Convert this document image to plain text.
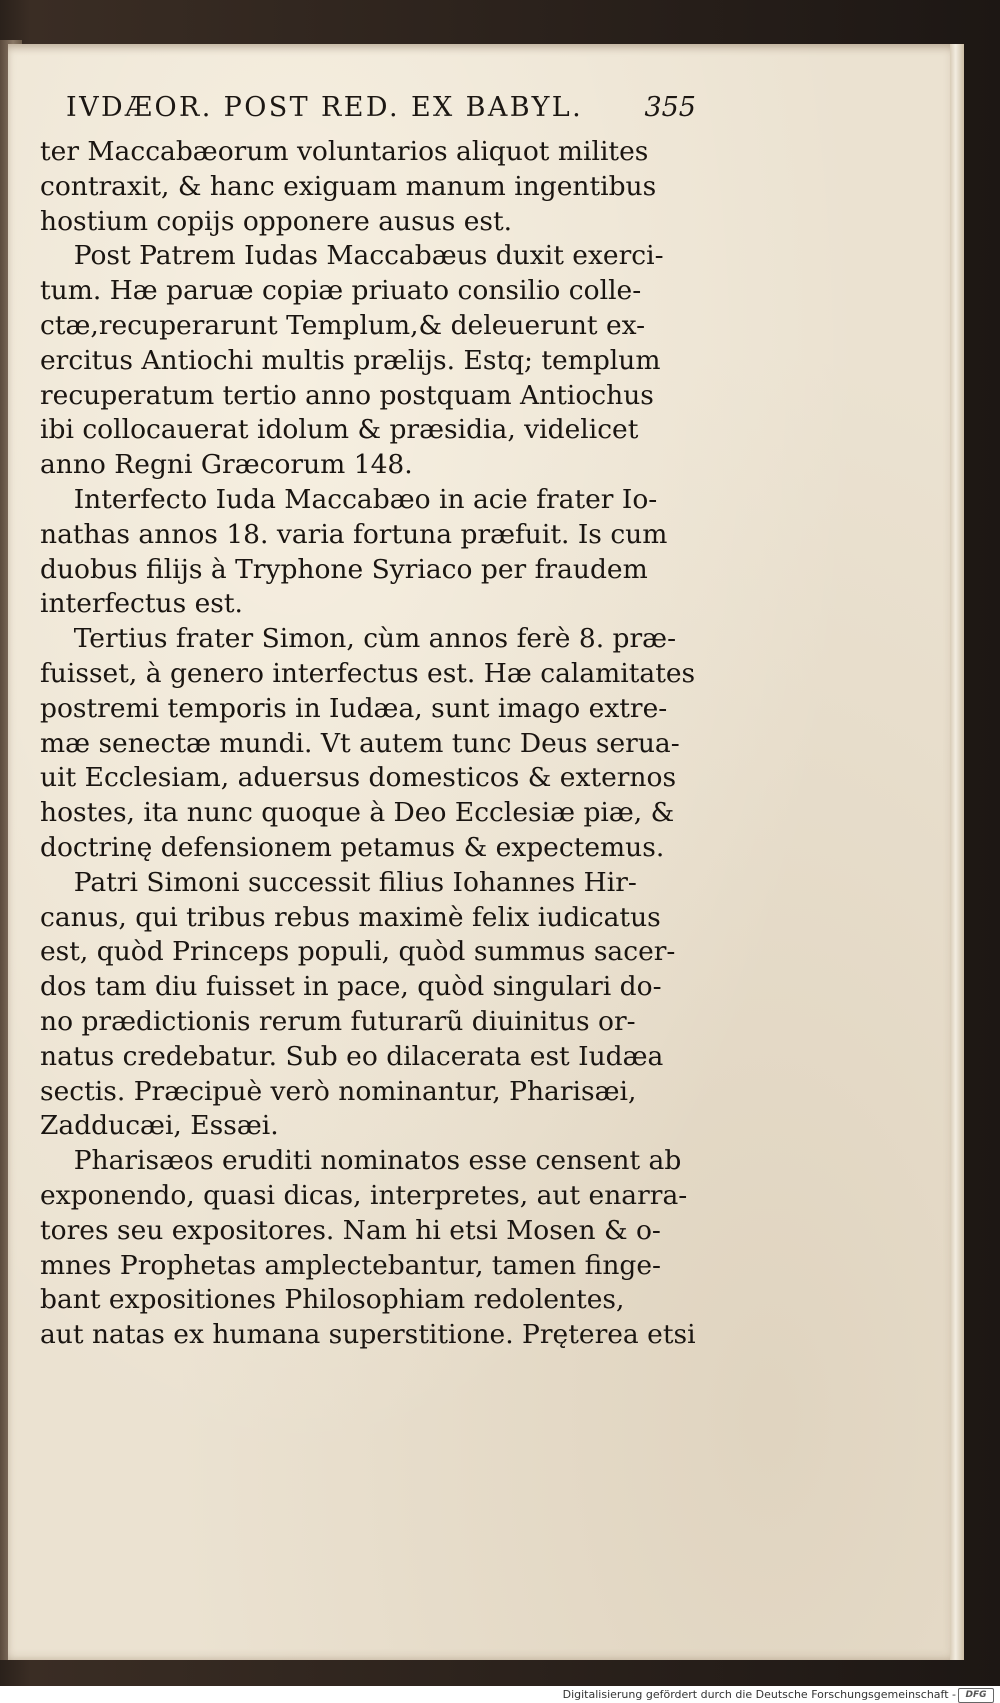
IVDÆOR. POST RED. EX BABYL. 355
ter Maccabæorum voluntarios aliquot milites
contraxit, & hanc exiguam manum ingentibus
hostium copijs opponere ausus est.
Post Patrem Iudas Maccabæus duxit exerci-
tum. Hæ paruæ copiæ priuato consilio colle-
ctæ,recuperarunt Templum,& deleuerunt ex-
ercitus Antiochi multis prælijs. Estq; templum
recuperatum tertio anno postquam Antiochus
ibi collocauerat idolum & præsidia, videlicet
anno Regni Græcorum 148.
Interfecto Iuda Maccabæo in acie frater Io-
nathas annos 18. varia fortuna præfuit. Is cum
duobus filijs à Tryphone Syriaco per fraudem
interfectus est.
Tertius frater Simon, cùm annos ferè 8. præ-
fuisset, à genero interfectus est. Hæ calamitates
postremi temporis in Iudæa, sunt imago extre-
mæ senectæ mundi. Vt autem tunc Deus serua-
uit Ecclesiam, aduersus domesticos & externos
hostes, ita nunc quoque à Deo Ecclesiæ piæ, &
doctrinę defensionem petamus & expectemus.
Patri Simoni successit filius Iohannes Hir-
canus, qui tribus rebus maximè felix iudicatus
est, quòd Princeps populi, quòd summus sacer-
dos tam diu fuisset in pace, quòd singulari do-
no prædictionis rerum futurarũ diuinitus or-
natus credebatur. Sub eo dilacerata est Iudæa
sectis. Præcipuè verò nominantur, Pharisæi,
Zadducæi, Essæi.
Pharisæos eruditi nominatos esse censent ab
exponendo, quasi dicas, interpretes, aut enarra-
tores seu expositores. Nam hi etsi Mosen & o-
mnes Prophetas amplectebantur, tamen finge-
bant expositiones Philosophiam redolentes,
aut natas ex humana superstitione. Pręterea etsi
Digitalisierung gefördert durch die Deutsche Forschungsgemeinschaft -	DFG
